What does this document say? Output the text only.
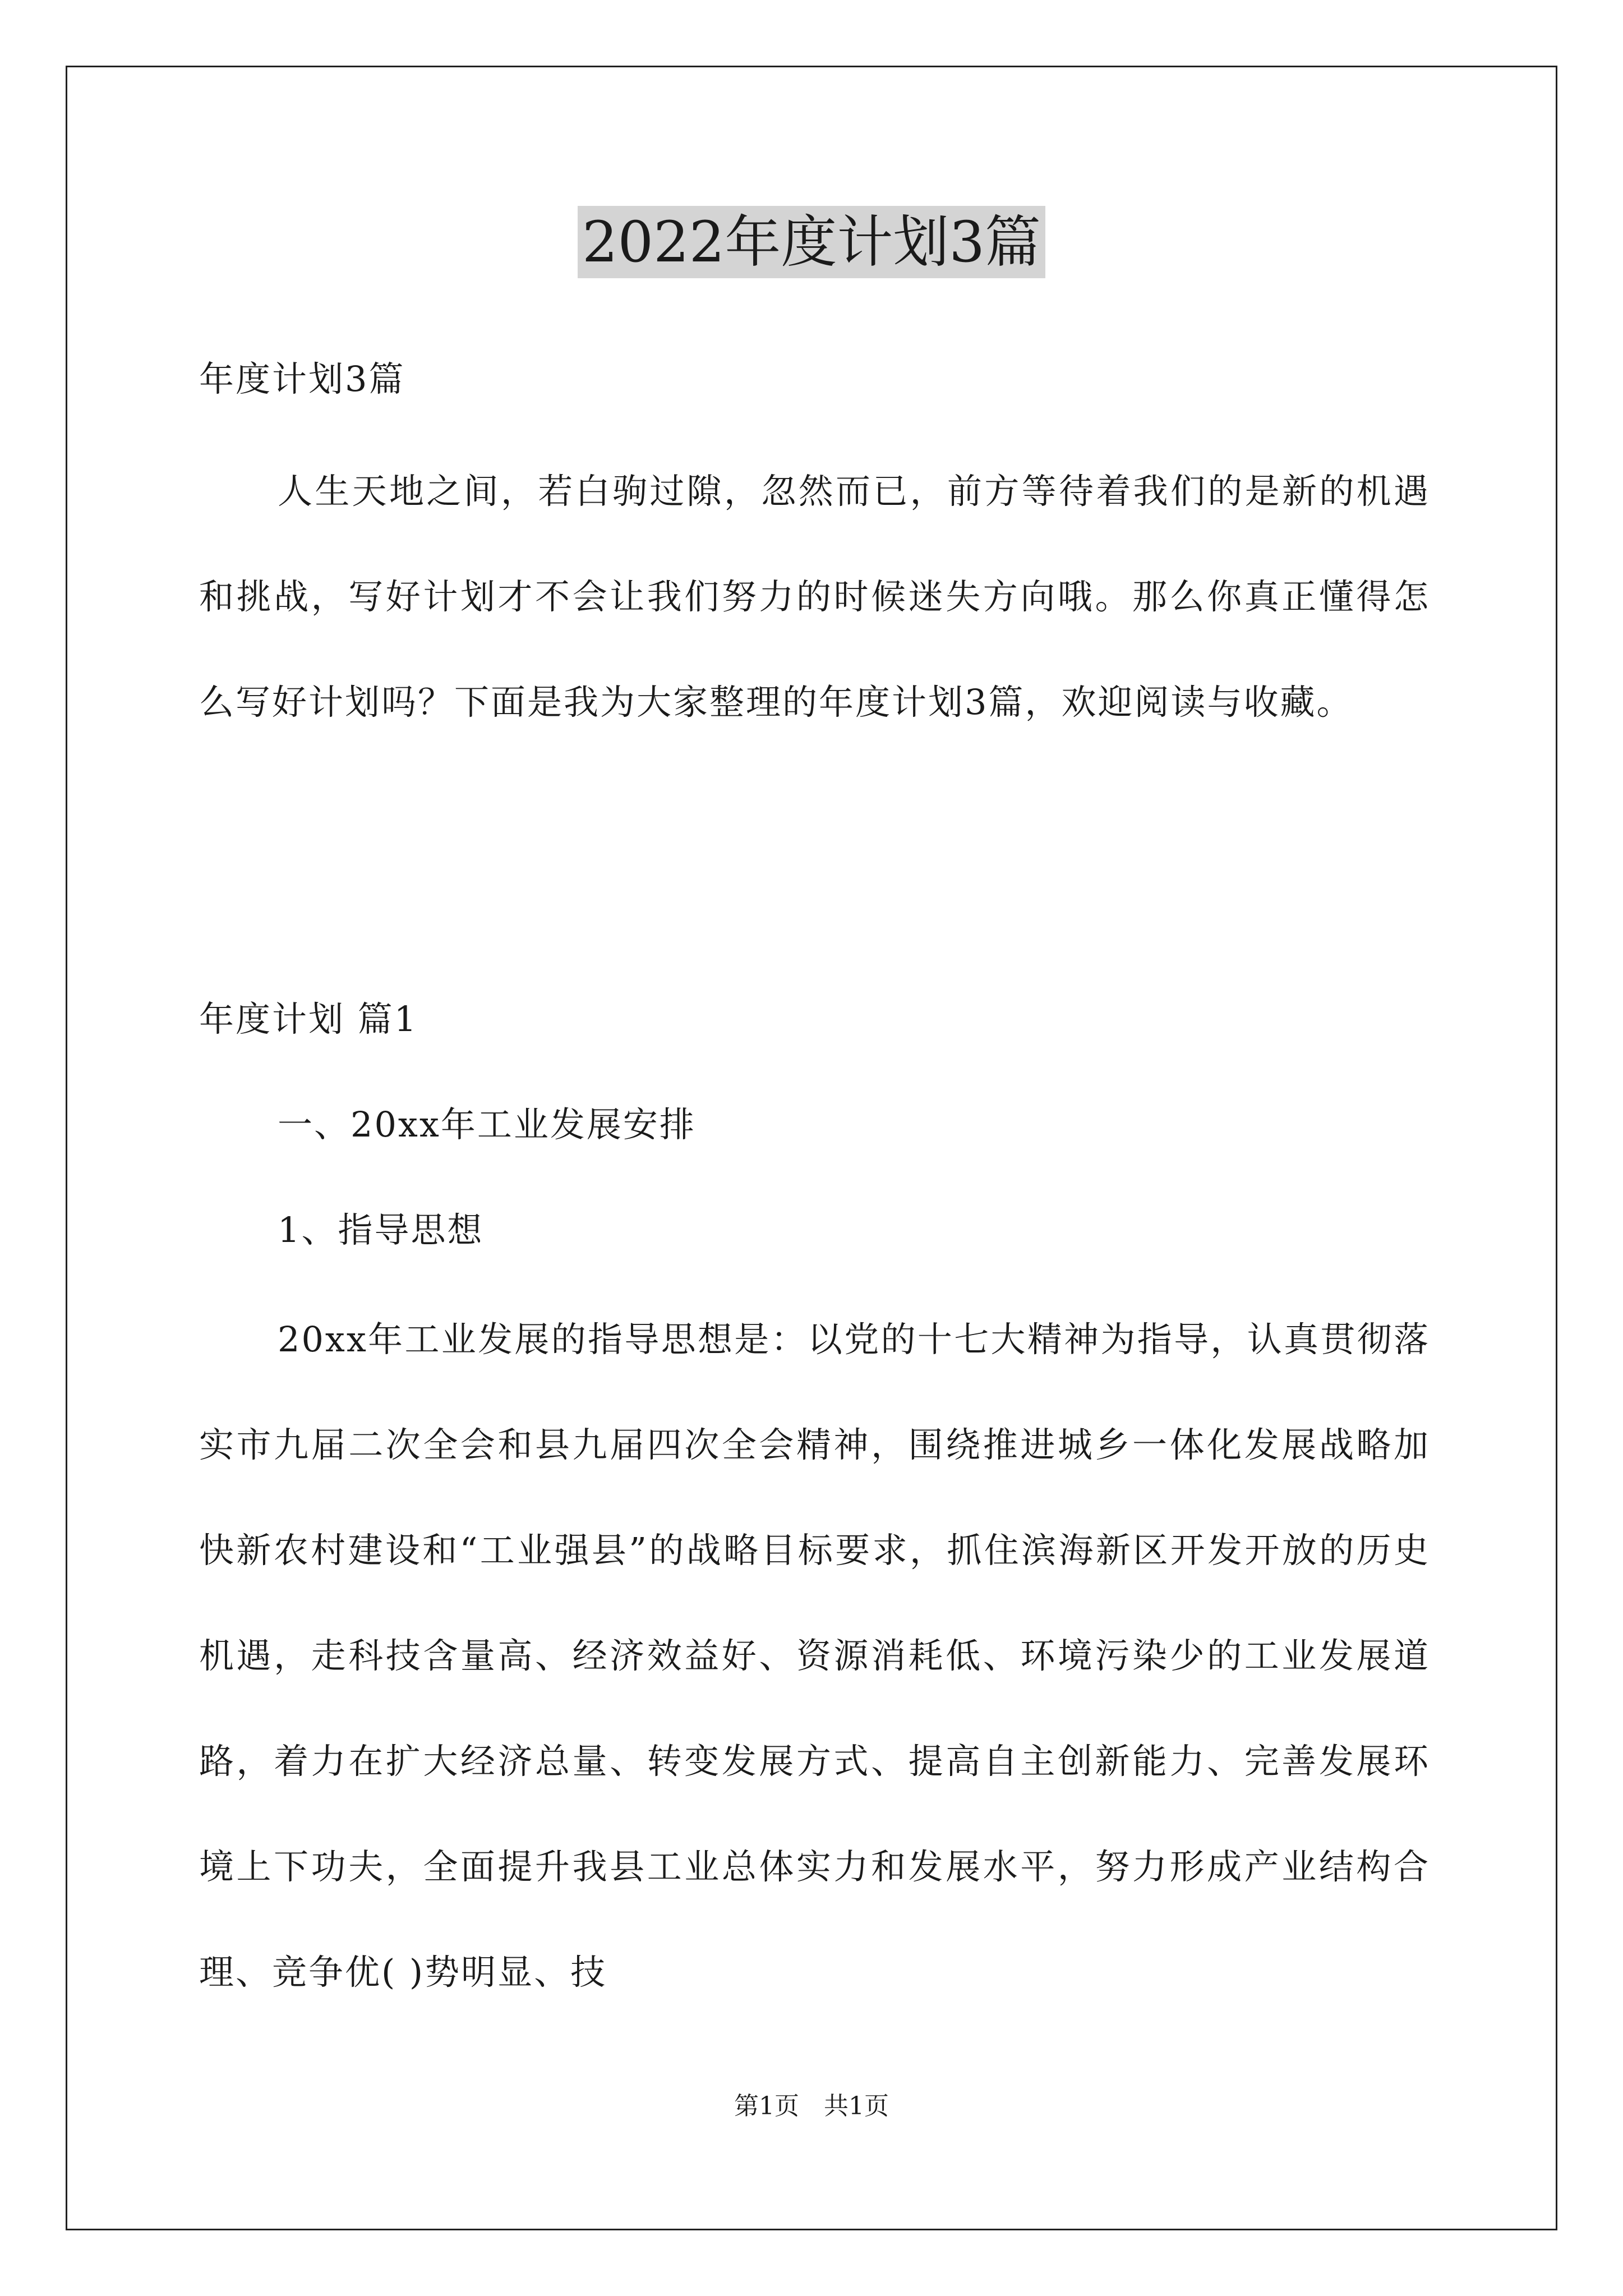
2022年度计划3篇
年度计划3篇

人生天地之间，若白驹过隙，忽然而已，前方等待着我们的是新的机遇和挑战，写好计划才不会让我们努力的时候迷失方向哦。那么你真正懂得怎么写好计划吗？下面是我为大家整理的年度计划3篇，欢迎阅读与收藏。

年度计划 篇1
一、20xx年工业发展安排
1、指导思想

20xx年工业发展的指导思想是：以党的十七大精神为指导，认真贯彻落实市九届二次全会和县九届四次全会精神，围绕推进城乡一体化发展战略加快新农村建设和“工业强县”的战略目标要求，抓住滨海新区开发开放的历史机遇，走科技含量高、经济效益好、资源消耗低、环境污染少的工业发展道路，着力在扩大经济总量、转变发展方式、提高自主创新能力、完善发展环境上下功夫，全面提升我县工业总体实力和发展水平，努力形成产业结构合理、竞争优( )势明显、技

第1页　共1页
